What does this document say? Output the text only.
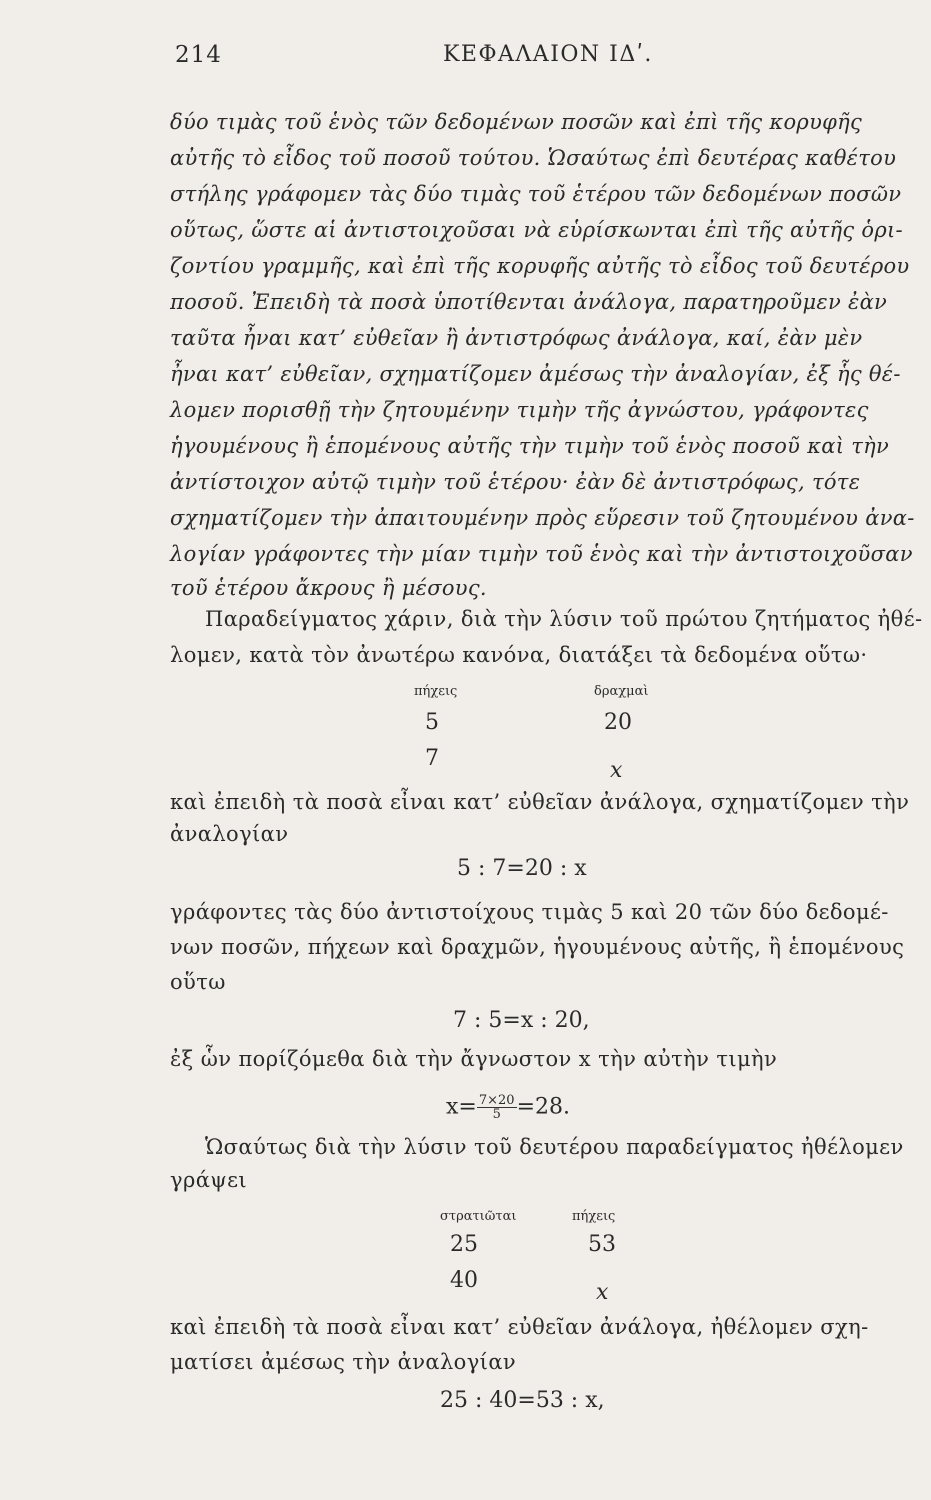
214	ΚΕΦΑΛΑΙΟΝ ΙΔʹ.
δύο τιμὰς τοῦ ἑνὸς τῶν δεδομένων ποσῶν καὶ ἐπὶ τῆς κορυφῆς
αὐτῆς τὸ εἶδος τοῦ ποσοῦ τούτου. Ὡσαύτως ἐπὶ δευτέρας καθέτου
στήλης γράφομεν τὰς δύο τιμὰς τοῦ ἑτέρου τῶν δεδομένων ποσῶν
οὕτως, ὥστε αἱ ἀντιστοιχοῦσαι νὰ εὑρίσκωνται ἐπὶ τῆς αὐτῆς ὁρι-
ζοντίου γραμμῆς, καὶ ἐπὶ τῆς κορυφῆς αὐτῆς τὸ εἶδος τοῦ δευτέρου
ποσοῦ. Ἐπειδὴ τὰ ποσὰ ὑποτίθενται ἀνάλογα, παρατηροῦμεν ἐὰν
ταῦτα ἦναι κατ’ εὐθεῖαν ἢ ἀντιστρόφως ἀνάλογα, καί, ἐὰν μὲν
ἦναι κατ’ εὐθεῖαν, σχηματίζομεν ἀμέσως τὴν ἀναλογίαν, ἐξ ἧς θέ-
λομεν πορισθῇ τὴν ζητουμένην τιμὴν τῆς ἀγνώστου, γράφοντες
ἡγουμένους ἢ ἑπομένους αὐτῆς τὴν τιμὴν τοῦ ἑνὸς ποσοῦ καὶ τὴν
ἀντίστοιχον αὐτῷ τιμὴν τοῦ ἑτέρου· ἐὰν δὲ ἀντιστρόφως, τότε
σχηματίζομεν τὴν ἀπαιτουμένην πρὸς εὕρεσιν τοῦ ζητουμένου ἀνα-
λογίαν γράφοντες τὴν μίαν τιμὴν τοῦ ἑνὸς καὶ τὴν ἀντιστοιχοῦσαν
τοῦ ἑτέρου ἄκρους ἢ μέσους.
Παραδείγματος χάριν, διὰ τὴν λύσιν τοῦ πρώτου ζητήματος ἠθέ-
λομεν, κατὰ τὸν ἀνωτέρω κανόνα, διατάξει τὰ δεδομένα οὕτω·
πήχεις	δραχμαὶ
5	20
7	x
καὶ ἐπειδὴ τὰ ποσὰ εἶναι κατ’ εὐθεῖαν ἀνάλογα, σχηματίζομεν τὴν
ἀναλογίαν
5 : 7=20 : x
γράφοντες τὰς δύο ἀντιστοίχους τιμὰς 5 καὶ 20 τῶν δύο δεδομέ-
νων ποσῶν, πήχεων καὶ δραχμῶν, ἡγουμένους αὐτῆς, ἢ ἑπομένους
οὕτω
7 : 5=x : 20,
ἐξ ὧν πορίζόμεθα διὰ τὴν ἄγνωστον x τὴν αὐτὴν τιμὴν
$x= \frac{7\times 20}{5} =28$.
Ὡσαύτως διὰ τὴν λύσιν τοῦ δευτέρου παραδείγματος ἠθέλομεν
γράψει
στρατιῶται	πήχεις
25	53
40	x
καὶ ἐπειδὴ τὰ ποσὰ εἶναι κατ’ εὐθεῖαν ἀνάλογα, ἠθέλομεν σχη-
ματίσει ἀμέσως τὴν ἀναλογίαν
25 : 40=53 : x,
